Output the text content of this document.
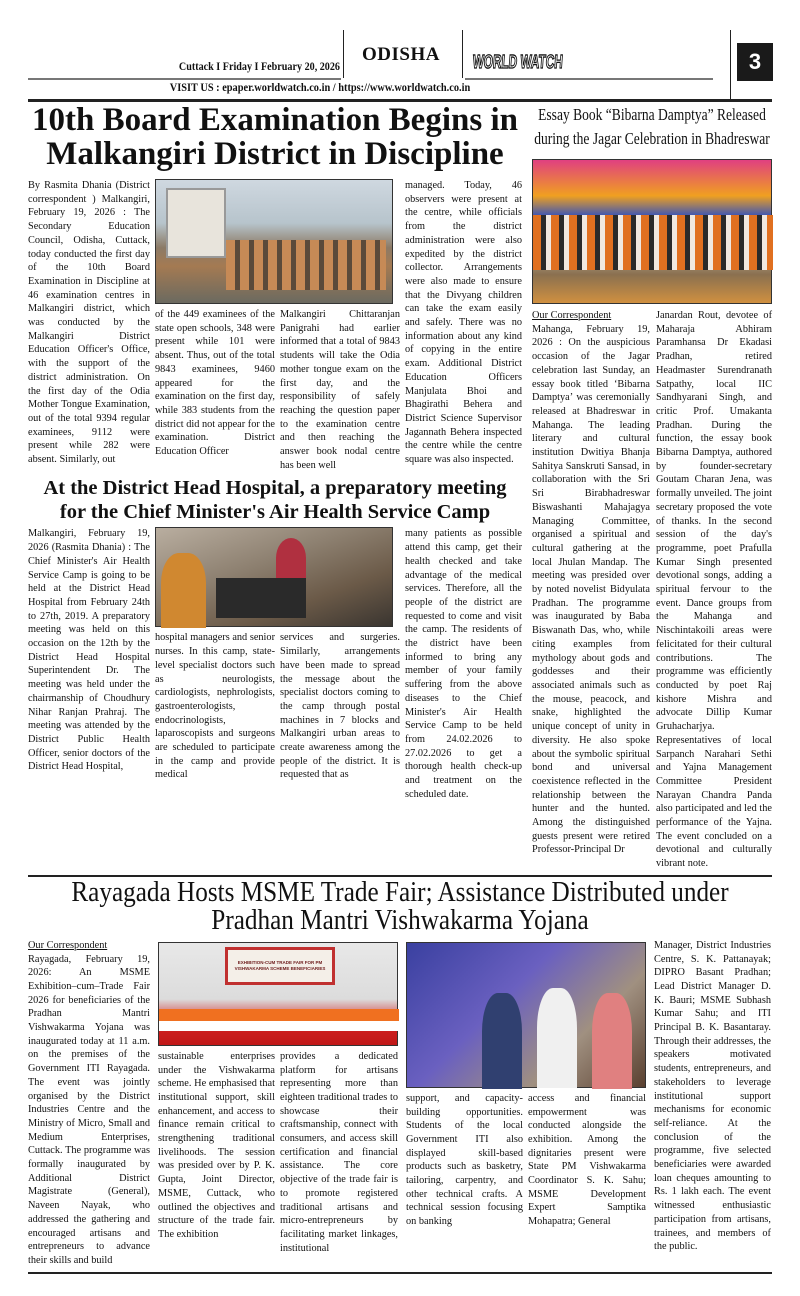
Cuttack I Friday I February 20, 2026
ODISHA WORLD WATCH	3
VISIT US : epaper.worldwatch.co.in / https://www.worldwatch.co.in
10th Board Examination Begins in Malkangiri District in Discipline
By Rasmita Dhania (District correspondent ) Malkangiri, February 19, 2026 : The Secondary Education Council, Odisha, Cuttack, today conducted the first day of the 10th Board Examination in Discipline at 46 examination centres in Malkangiri district, which was conducted by the Malkangiri District Education Officer's Office, with the support of the district administration. On the first day of the Odia Mother Tongue Examination, out of the total 9394 regular examinees, 9112 were present while 282 were absent. Similarly, out
of the 449 examinees of the state open schools, 348 were present while 101 were absent. Thus, out of the total 9843 examinees, 9460 appeared for the examination on the first day, while 383 students from the district did not appear for the examination. District Education Officer
Malkangiri Chittaranjan Panigrahi had earlier informed that a total of 9843 students will take the Odia mother tongue exam on the first day, and the responsibility of safely reaching the question paper to the examination centre and then reaching the answer book nodal centre has been well
managed. Today, 46 observers were present at the centre, while officials from the district administration were also expedited by the district collector. Arrangements were also made to ensure that the Divyang children can take the exam easily and safely. There was no information about any kind of copying in the entire exam. Additional District Education Officers Manjulata Bhoi and Bhagirathi Behera and District Science Supervisor Jagannath Behera inspected the centre while the centre square was also inspected.
At the District Head Hospital, a preparatory meeting for the Chief Minister's Air Health Service Camp
Malkangiri, February 19, 2026 (Rasmita Dhania) : The Chief Minister's Air Health Service Camp is going to be held at the District Head Hospital from February 24th to 27th, 2019. A preparatory meeting was held on this occasion on the 12th by the District Head Hospital Superintendent Dr. The meeting was held under the chairmanship of Choudhury Nihar Ranjan Prahraj. The meeting was attended by the District Public Health Officer, senior doctors of the District Head Hospital,
hospital managers and senior nurses. In this camp, state-level specialist doctors such as neurologists, cardiologists, nephrologists, gastroenterologists, endocrinologists, laparoscopists and surgeons are scheduled to participate in the camp and provide medical
services and surgeries. Similarly, arrangements have been made to spread the message about the specialist doctors coming to the camp through postal machines in 7 blocks and Malkangiri urban areas to create awareness among the people of the district. It is requested that as
many patients as possible attend this camp, get their health checked and take advantage of the medical services. Therefore, all the people of the district are requested to come and visit the camp. The residents of the district have been informed to bring any member of your family suffering from the above diseases to the Chief Minister's Air Health Service Camp to be held from 24.02.2026 to 27.02.2026 to get a thorough health check-up and treatment on the scheduled date.
Essay Book “Bibarna Damptya” Released during the Jagar Celebration in Bhadreswar
Our Correspondent
Mahanga, February 19, 2026 : On the auspicious occasion of the Jagar celebration last Sunday, an essay book titled ‘Bibarna Damptya’ was ceremonially released at Bhadreswar in Mahanga. The leading literary and cultural institution Dwitiya Bhanja Sahitya Sanskruti Sansad, in collaboration with the Sri Sri Birabhadreswar Biswashanti Mahajagya Managing Committee, organised a spiritual and cultural gathering at the local Jhulan Mandap. The meeting was presided over by noted novelist Bidyulata Pradhan. The programme was inaugurated by Baba Biswanath Das, who, while citing examples from mythology about gods and goddesses and their associated animals such as the mouse, peacock, and snake, highlighted the unique concept of unity in diversity. He also spoke about the symbolic spiritual bond and universal coexistence reflected in the relationship between the hunter and the hunted. Among the distinguished guests present were retired Professor-Principal Dr
Janardan Rout, devotee of Maharaja Abhiram Paramhansa Dr Ekadasi Pradhan, retired Headmaster Surendranath Satpathy, local IIC Sandhyarani Singh, and critic Prof. Umakanta Pradhan. During the function, the essay book Bibarna Damptya, authored by founder-secretary Goutam Charan Jena, was formally unveiled. The joint secretary proposed the vote of thanks. In the second session of the day's programme, poet Prafulla Kumar Singh presented devotional songs, adding a spiritual fervour to the event. Dance groups from the Mahanga and Nischintakoili areas were felicitated for their cultural contributions. The programme was efficiently conducted by poet Raj kishore Mishra and advocate Dillip Kumar Gruhacharjya. Representatives of local Sarpanch Narahari Sethi and Yajna Management Committee President Narayan Chandra Panda also participated and led the performance of the Yajna. The event concluded on a devotional and culturally vibrant note.
Rayagada Hosts MSME Trade Fair; Assistance Distributed under Pradhan Mantri Vishwakarma Yojana
Our Correspondent
Rayagada, February 19, 2026: An MSME Exhibition–cum–Trade Fair 2026 for beneficiaries of the Pradhan Mantri Vishwakarma Yojana was inaugurated today at 11 a.m. on the premises of the Government ITI Rayagada. The event was jointly organised by the District Industries Centre and the Ministry of Micro, Small and Medium Enterprises, Cuttack. The programme was formally inaugurated by Additional District Magistrate (General), Naveen Nayak, who addressed the gathering and encouraged artisans and entrepreneurs to advance their skills and build
EXHIBITION-CUM TRADE FAIR FOR PM VISHWAKARMA SCHEME BENEFICIARIES
sustainable enterprises under the Vishwakarma scheme. He emphasised that institutional support, skill enhancement, and access to finance remain critical to strengthening traditional livelihoods. The session was presided over by P. K. Gupta, Joint Director, MSME, Cuttack, who outlined the objectives and structure of the trade fair. The exhibition
provides a dedicated platform for artisans representing more than eighteen traditional trades to showcase their craftsmanship, connect with consumers, and access skill certification and financial assistance. The core objective of the trade fair is to promote registered traditional artisans and micro-entrepreneurs by facilitating market linkages, institutional
support, and capacity-building opportunities. Students of the local Government ITI also displayed skill-based products such as basketry, tailoring, carpentry, and other technical crafts. A technical session focusing on banking
access and financial empowerment was conducted alongside the exhibition. Among the dignitaries present were State PM Vishwakarma Coordinator S. K. Sahu; MSME Development Expert Samptika Mohapatra; General
Manager, District Industries Centre, S. K. Pattanayak; DIPRO Basant Pradhan; Lead District Manager D. K. Bauri; MSME Subhash Kumar Sahu; and ITI Principal B. K. Basantaray. Through their addresses, the speakers motivated students, entrepreneurs, and stakeholders to leverage institutional support mechanisms for economic self-reliance. At the conclusion of the programme, five selected beneficiaries were awarded loan cheques amounting to Rs. 1 lakh each. The event witnessed enthusiastic participation from artisans, trainees, and members of the public.
